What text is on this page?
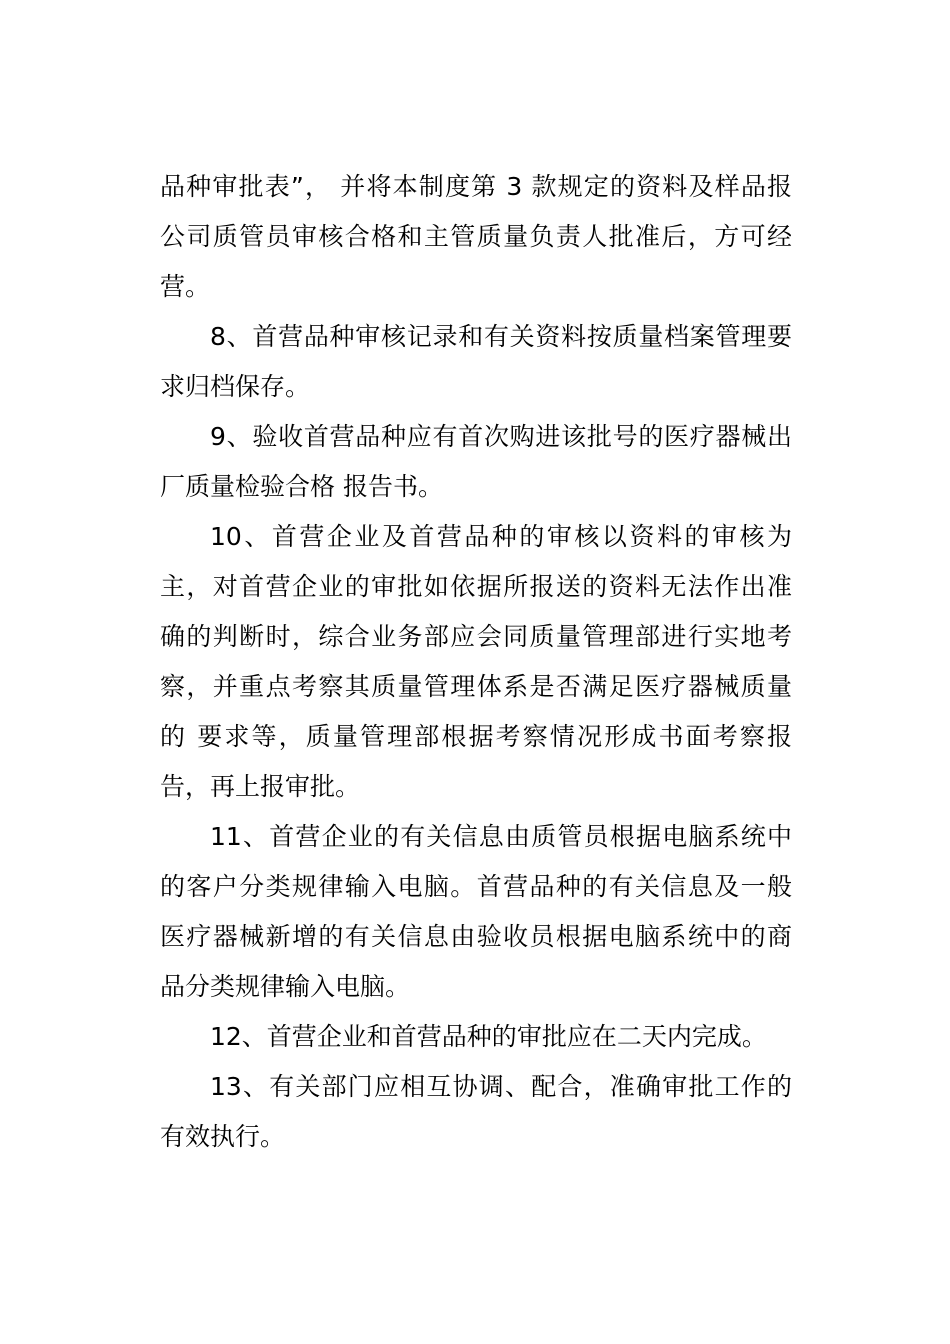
品种审批表”， 并将本制度第 3 款规定的资料及样品报
公司质管员审核合格和主管质量负责人批准后，方可经
营。
8、首营品种审核记录和有关资料按质量档案管理要
求归档保存。
9、验收首营品种应有首次购进该批号的医疗器械出
厂质量检验合格 报告书。
10、首营企业及首营品种的审核以资料的审核为
主，对首营企业的审批如依据所报送的资料无法作出准
确的判断时，综合业务部应会同质量管理部进行实地考
察，并重点考察其质量管理体系是否满足医疗器械质量
的 要求等，质量管理部根据考察情况形成书面考察报
告，再上报审批。
11、首营企业的有关信息由质管员根据电脑系统中
的客户分类规律输入电脑。首营品种的有关信息及一般
医疗器械新增的有关信息由验收员根据电脑系统中的商
品分类规律输入电脑。
12、首营企业和首营品种的审批应在二天内完成。
13、有关部门应相互协调、配合，准确审批工作的
有效执行。
